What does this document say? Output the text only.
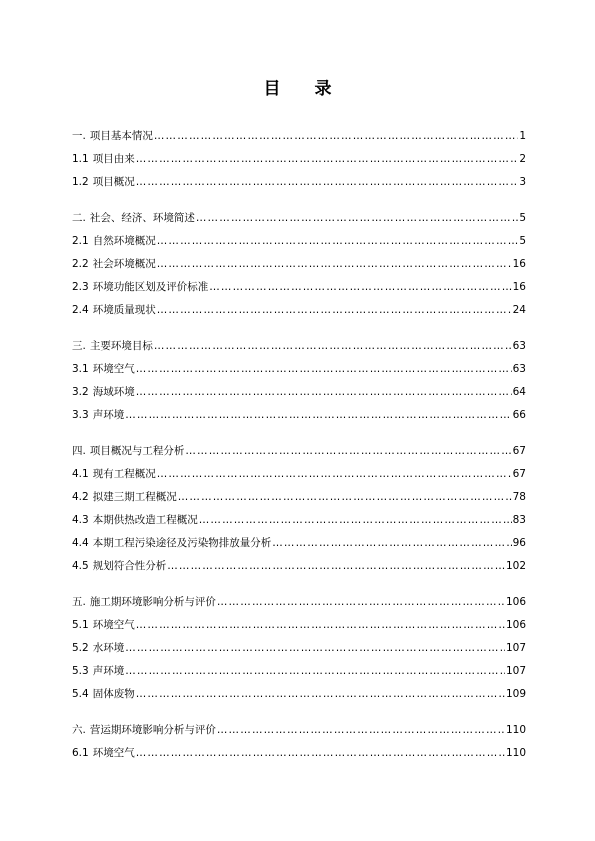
目 录
一. 项目基本情况 ………………………………………………………………………………………………………………………………………………	1
1.1 项目由来 ………………………………………………………………………………………………………………………………………………	2
1.2 项目概况 ………………………………………………………………………………………………………………………………………………	3
二. 社会、经济、环境简述 ………………………………………………………………………………………………………………………………………………	5
2.1 自然环境概况 ………………………………………………………………………………………………………………………………………………	5
2.2 社会环境概况 ………………………………………………………………………………………………………………………………………………	16
2.3 环境功能区划及评价标准 ………………………………………………………………………………………………………………………………………………	16
2.4 环境质量现状 ………………………………………………………………………………………………………………………………………………	24
三. 主要环境目标 ………………………………………………………………………………………………………………………………………………	63
3.1 环境空气 ………………………………………………………………………………………………………………………………………………	63
3.2 海域环境 ………………………………………………………………………………………………………………………………………………	64
3.3 声环境 ………………………………………………………………………………………………………………………………………………	66
四. 项目概况与工程分析 ………………………………………………………………………………………………………………………………………………	67
4.1 现有工程概况 ………………………………………………………………………………………………………………………………………………	67
4.2 拟建三期工程概况 ………………………………………………………………………………………………………………………………………………	78
4.3 本期供热改造工程概况 ………………………………………………………………………………………………………………………………………………	83
4.4 本期工程污染途径及污染物排放量分析 ………………………………………………………………………………………………………………………………………………	96
4.5 规划符合性分析 ………………………………………………………………………………………………………………………………………………	102
五. 施工期环境影响分析与评价 ………………………………………………………………………………………………………………………………………………	106
5.1 环境空气 ………………………………………………………………………………………………………………………………………………	106
5.2 水环境 ………………………………………………………………………………………………………………………………………………	107
5.3 声环境 ………………………………………………………………………………………………………………………………………………	107
5.4 固体废物 ………………………………………………………………………………………………………………………………………………	109
六. 营运期环境影响分析与评价 ………………………………………………………………………………………………………………………………………………	110
6.1 环境空气 ………………………………………………………………………………………………………………………………………………	110
